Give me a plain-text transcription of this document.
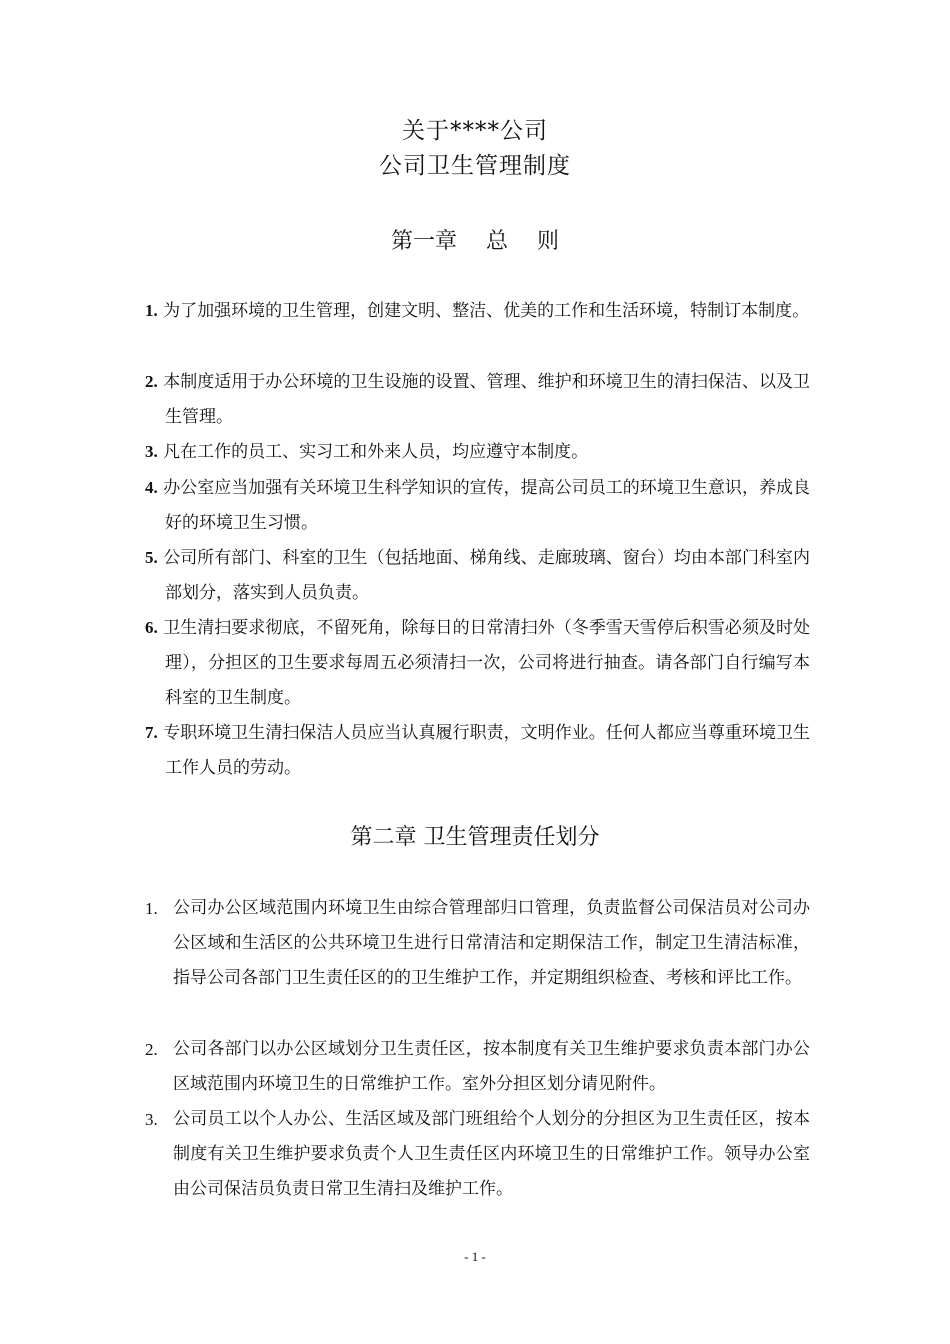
关于****公司
公司卫生管理制度
第一章　 总　 则
1. 为了加强环境的卫生管理，创建文明、整洁、优美的工作和生活环境，特制订本制度。
2. 本制度适用于办公环境的卫生设施的设置、管理、维护和环境卫生的清扫保洁、以及卫生管理。
3. 凡在工作的员工、实习工和外来人员，均应遵守本制度。
4. 办公室应当加强有关环境卫生科学知识的宣传，提高公司员工的环境卫生意识，养成良好的环境卫生习惯。
5. 公司所有部门、科室的卫生（包括地面、梯角线、走廊玻璃、窗台）均由本部门科室内部划分，落实到人员负责。
6. 卫生清扫要求彻底，不留死角，除每日的日常清扫外（冬季雪天雪停后积雪必须及时处理），分担区的卫生要求每周五必须清扫一次，公司将进行抽查。请各部门自行编写本科室的卫生制度。
7. 专职环境卫生清扫保洁人员应当认真履行职责，文明作业。任何人都应当尊重环境卫生工作人员的劳动。
第二章 卫生管理责任划分
1. 公司办公区域范围内环境卫生由综合管理部归口管理，负责监督公司保洁员对公司办公区域和生活区的公共环境卫生进行日常清洁和定期保洁工作，制定卫生清洁标准，指导公司各部门卫生责任区的的卫生维护工作，并定期组织检查、考核和评比工作。
2. 公司各部门以办公区域划分卫生责任区，按本制度有关卫生维护要求负责本部门办公区域范围内环境卫生的日常维护工作。室外分担区划分请见附件。
3. 公司员工以个人办公、生活区域及部门班组给个人划分的分担区为卫生责任区，按本制度有关卫生维护要求负责个人卫生责任区内环境卫生的日常维护工作。领导办公室由公司保洁员负责日常卫生清扫及维护工作。
- 1 -
